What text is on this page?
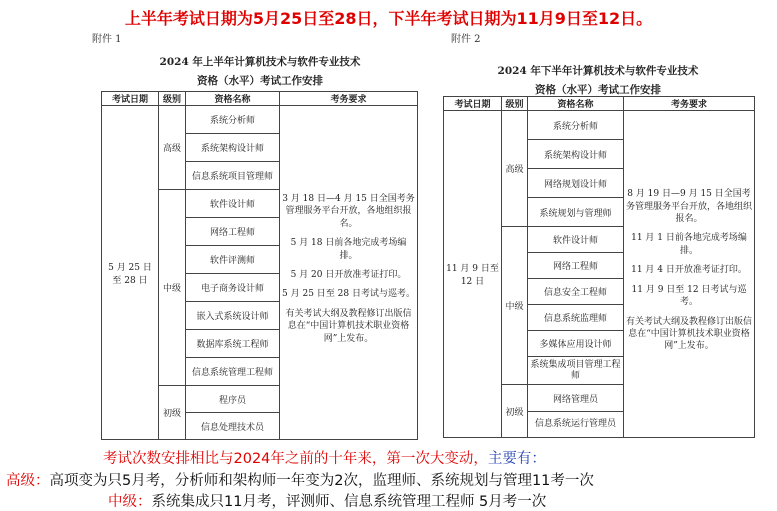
上半年考试日期为5月25日至28日，下半年考试日期为11月9日至12日。
附件 1
2024 年上半年计算机技术与软件专业技术
资格（水平）考试工作安排
考试日期	级别	资格名称	考务要求
5 月 25 日至 28 日	高级	系统分析师	3 月 18 日—4 月 15 日全国考务管理服务平台开放，各地组织报名。

5 月 18 日前各地完成考场编排。

5 月 20 日开放准考证打印。

5 月 25 日至 28 日考试与巡考。

有关考试大纲及教程修订出版信息在“中国计算机技术职业资格网”上发布。

		系统架构设计师	
		信息系统项目管理师	
	中级	软件设计师	
		网络工程师	
		软件评测师	
		电子商务设计师	
		嵌入式系统设计师	
		数据库系统工程师	
		信息系统管理工程师	
	初级	程序员	
		信息处理技术员	
附件 2
2024 年下半年计算机技术与软件专业技术
资格（水平）考试工作安排
考试日期	级别	资格名称	考务要求
11 月 9 日至 12 日	高级	系统分析师	8 月 19 日—9 月 15 日全国考务管理服务平台开放，各地组织报名。

11 月 1 日前各地完成考场编排。

11 月 4 日开放准考证打印。

11 月 9 日至 12 日考试与巡考。

有关考试大纲及教程修订出版信息在“中国计算机技术职业资格网”上发布。

		系统架构设计师	
		网络规划设计师	
		系统规划与管理师	
	中级	软件设计师	
		网络工程师	
		信息安全工程师	
		信息系统监理师	
		多媒体应用设计师	
		系统集成项目管理工程师	
	初级	网络管理员	
		信息系统运行管理员	
考试次数安排相比与2024年之前的十年来，第一次大变动，主要有：
高级：高项变为只5月考，分析师和架构师一年变为2次，监理师、系统规划与管理11考一次
中级：系统集成只11月考，评测师、信息系统管理工程师 5月考一次
